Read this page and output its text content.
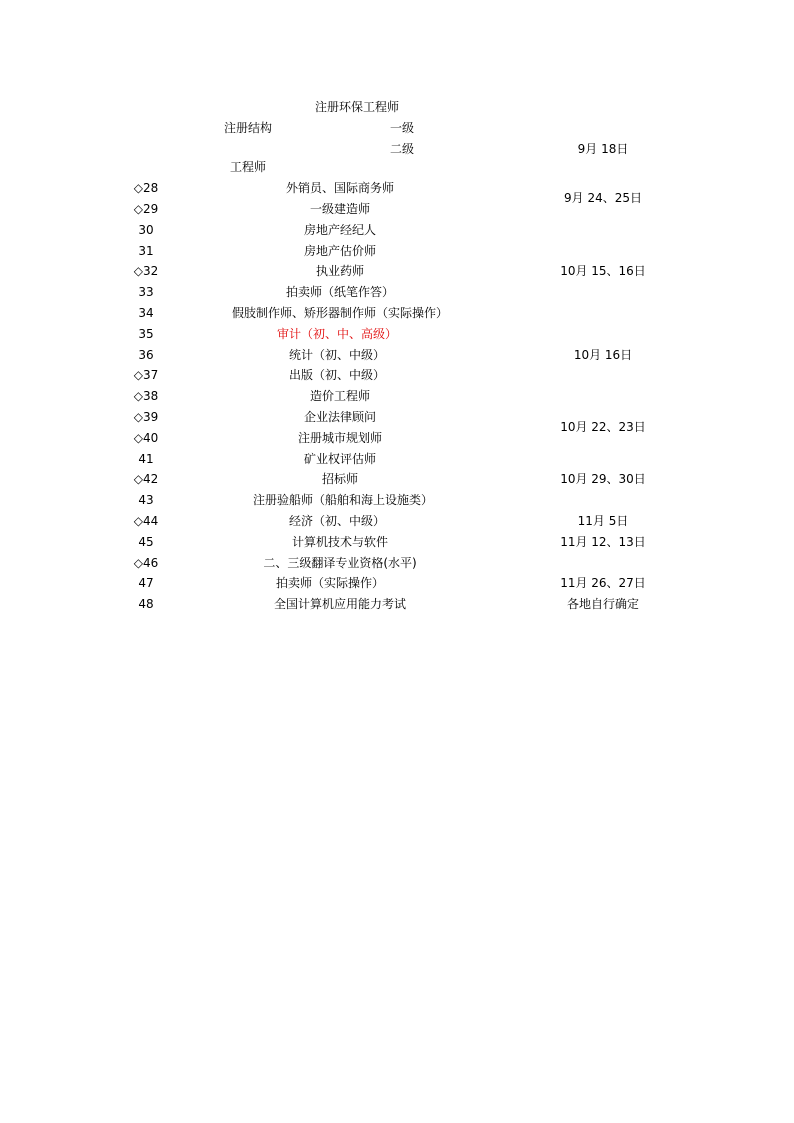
注册环保工程师
注册结构	一级
二级	9月 18日
工程师
◇28
◇29
30
31
◇32
33
34
35
36
◇37
◇38
◇39
◇40
41
◇42
43
◇44
45
◇46
47
48
外销员、国际商务师
一级建造师
房地产经纪人
房地产估价师
执业药师
拍卖师（纸笔作答）
假肢制作师、矫形器制作师（实际操作）
审计（初、中、高级）
统计（初、中级）
出版（初、中级）
造价工程师
企业法律顾问
注册城市规划师
矿业权评估师
招标师
注册验船师（船舶和海上设施类）
经济（初、中级）
计算机技术与软件
二、三级翻译专业资格(水平)
拍卖师（实际操作）
全国计算机应用能力考试
9月 24、25日
10月 15、16日
10月 16日
10月 22、23日
10月 29、30日
11月 5日
11月 12、13日
11月 26、27日
各地自行确定
